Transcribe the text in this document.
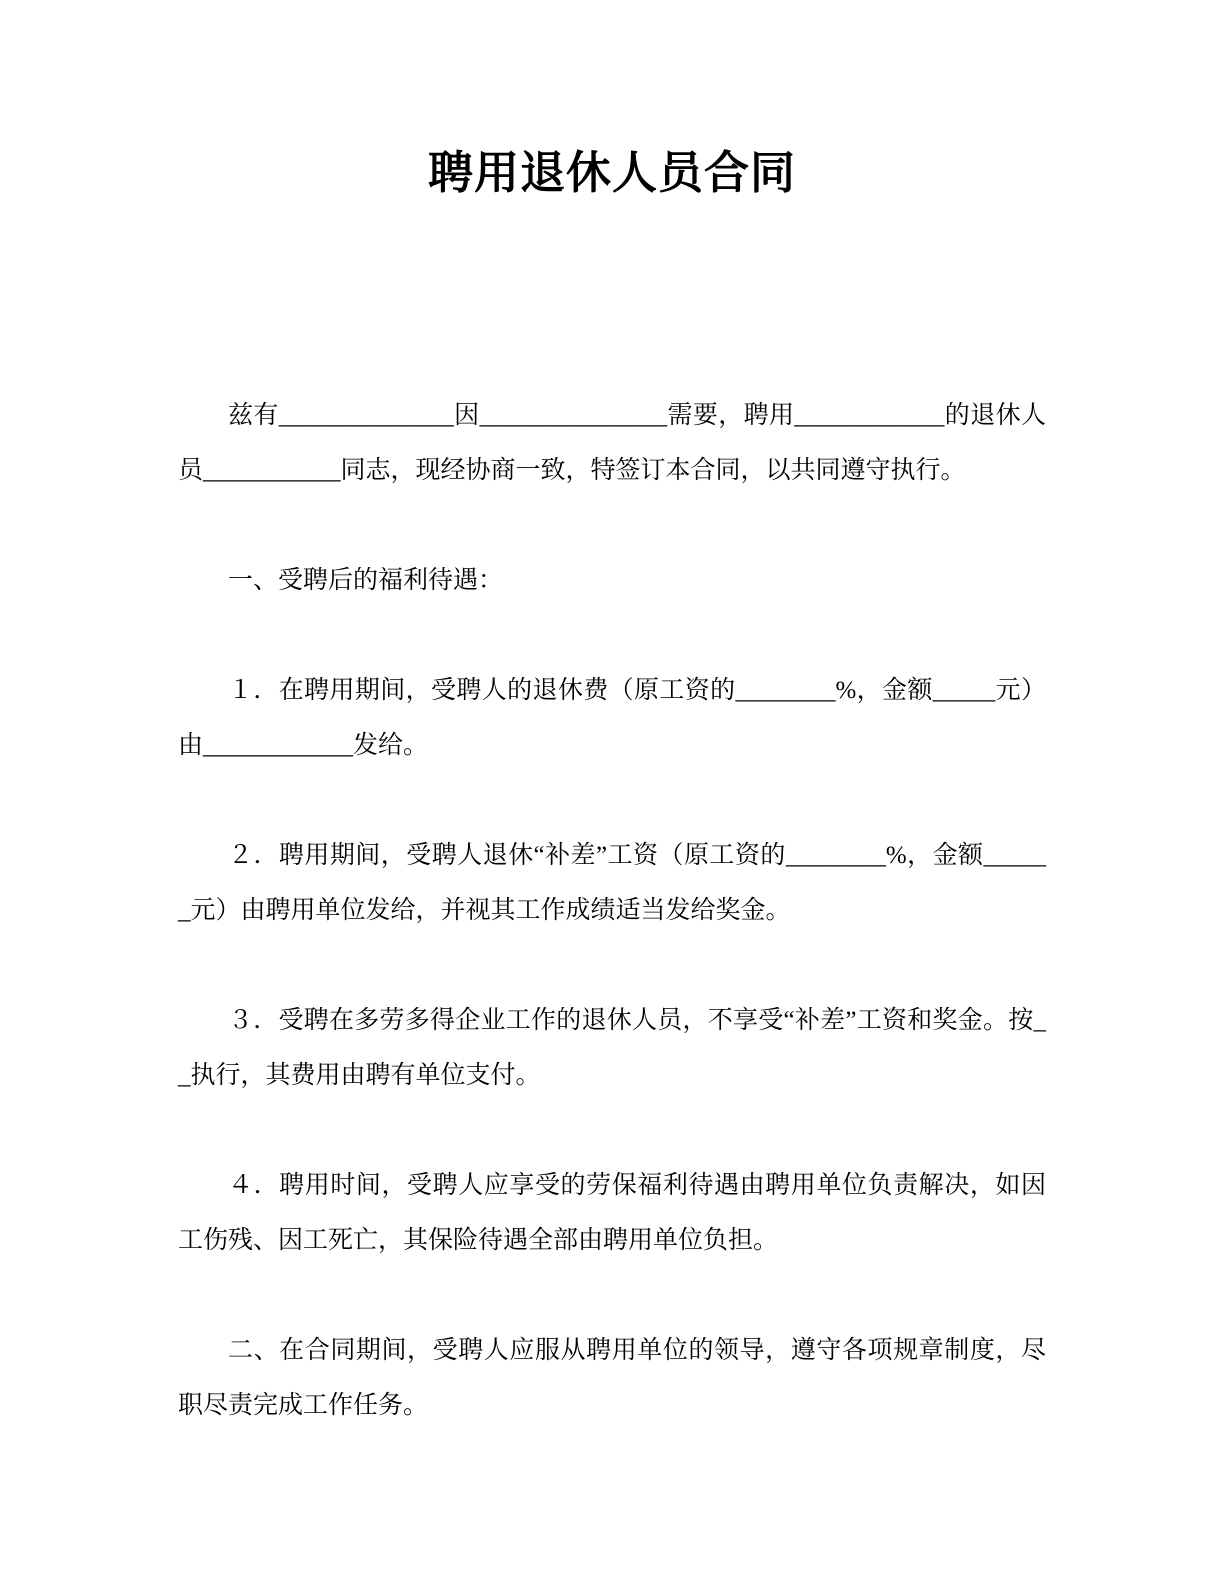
聘用退休人员合同

兹有______________因_______________需要，聘用____________的退休人员___________同志，现经协商一致，特签订本合同，以共同遵守执行。

一、受聘后的福利待遇：

１．在聘用期间，受聘人的退休费（原工资的________%，金额_____元）由____________发给。

２．聘用期间，受聘人退休“补差”工资（原工资的________%，金额______元）由聘用单位发给，并视其工作成绩适当发给奖金。

３．受聘在多劳多得企业工作的退休人员，不享受“补差”工资和奖金。按__执行，其费用由聘有单位支付。

４．聘用时间，受聘人应享受的劳保福利待遇由聘用单位负责解决，如因工伤残、因工死亡，其保险待遇全部由聘用单位负担。

二、在合同期间，受聘人应服从聘用单位的领导，遵守各项规章制度，尽职尽责完成工作任务。
